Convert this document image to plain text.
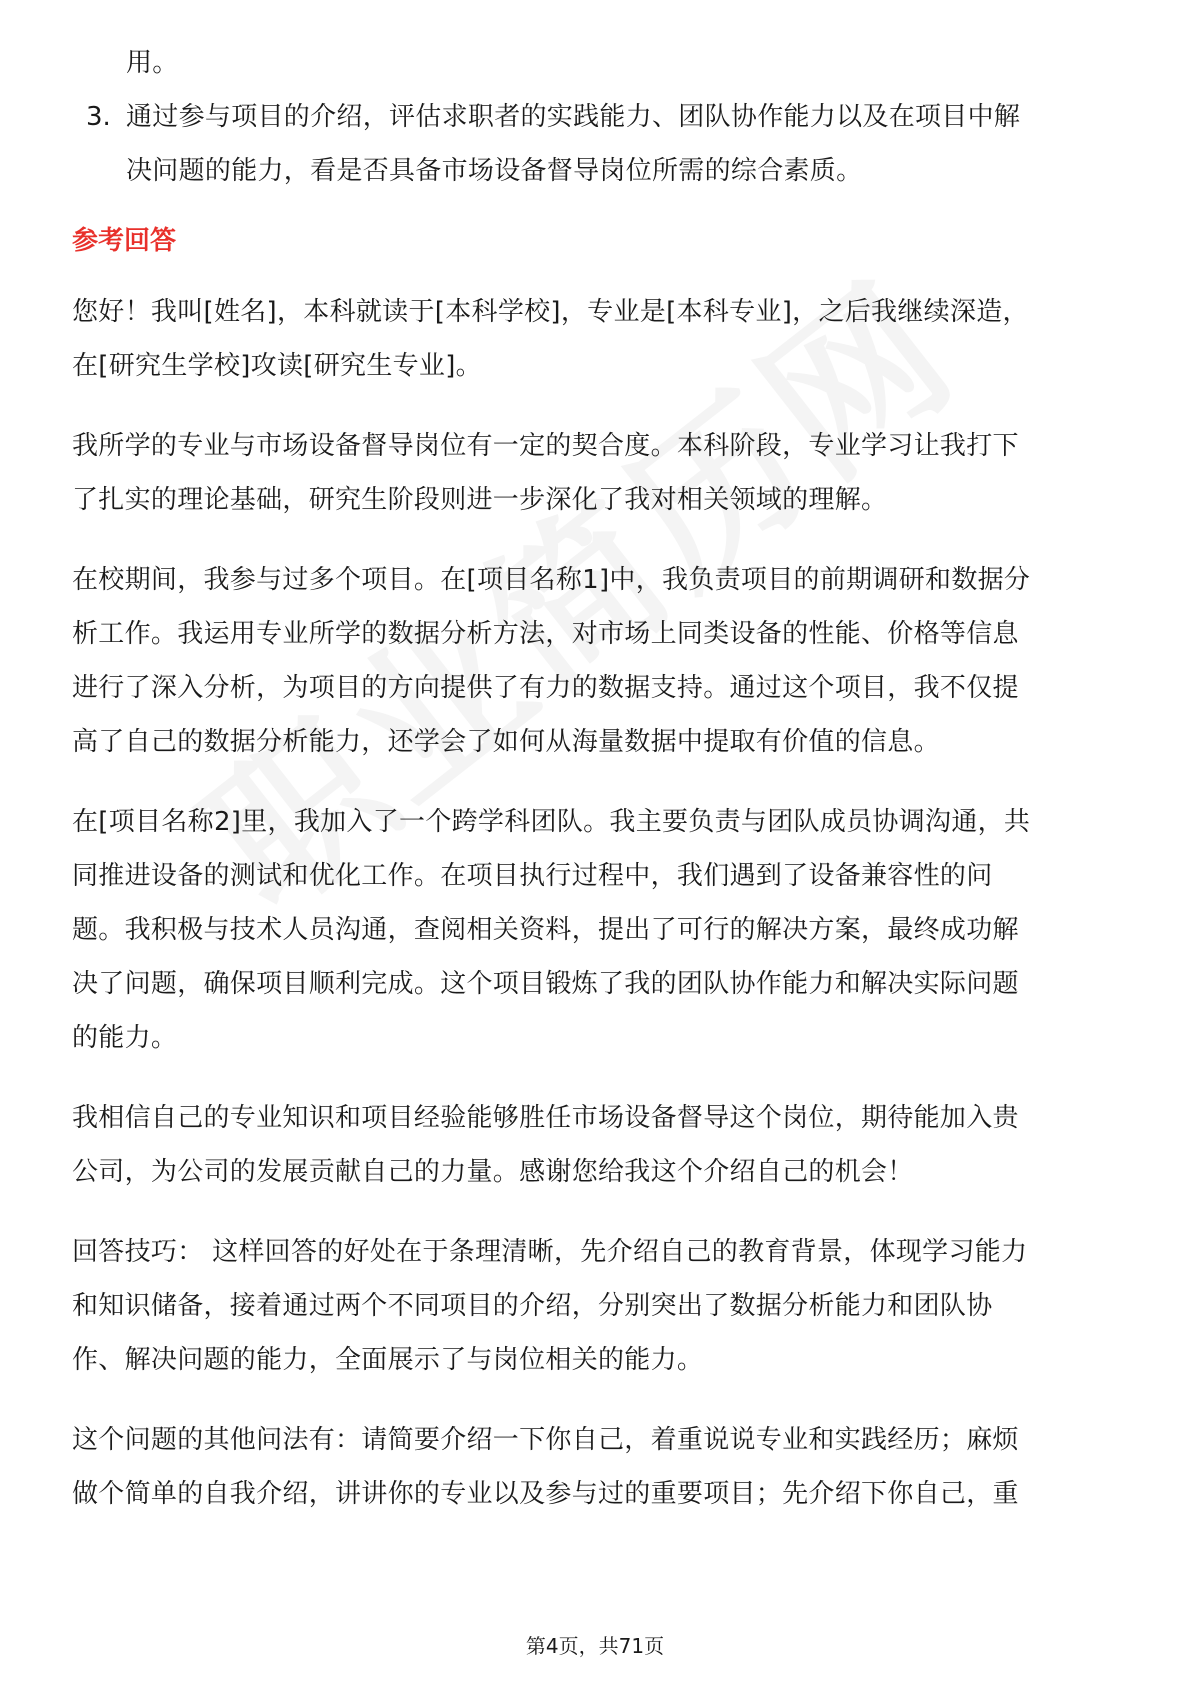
用。
3. 通过参与项目的介绍，评估求职者的实践能力、团队协作能力以及在项目中解
决问题的能力，看是否具备市场设备督导岗位所需的综合素质。
参考回答
您好！我叫[姓名]，本科就读于[本科学校]，专业是[本科专业]，之后我继续深造，
在[研究生学校]攻读[研究生专业]。
我所学的专业与市场设备督导岗位有一定的契合度。本科阶段，专业学习让我打下
了扎实的理论基础，研究生阶段则进一步深化了我对相关领域的理解。
在校期间，我参与过多个项目。在[项目名称1]中，我负责项目的前期调研和数据分
析工作。我运用专业所学的数据分析方法，对市场上同类设备的性能、价格等信息
进行了深入分析，为项目的方向提供了有力的数据支持。通过这个项目，我不仅提
高了自己的数据分析能力，还学会了如何从海量数据中提取有价值的信息。
在[项目名称2]里，我加入了一个跨学科团队。我主要负责与团队成员协调沟通，共
同推进设备的测试和优化工作。在项目执行过程中，我们遇到了设备兼容性的问
题。我积极与技术人员沟通，查阅相关资料，提出了可行的解决方案，最终成功解
决了问题，确保项目顺利完成。这个项目锻炼了我的团队协作能力和解决实际问题
的能力。
我相信自己的专业知识和项目经验能够胜任市场设备督导这个岗位，期待能加入贵
公司，为公司的发展贡献自己的力量。感谢您给我这个介绍自己的机会！
回答技巧： 这样回答的好处在于条理清晰，先介绍自己的教育背景，体现学习能力
和知识储备，接着通过两个不同项目的介绍，分别突出了数据分析能力和团队协
作、解决问题的能力，全面展示了与岗位相关的能力。
这个问题的其他问法有：请简要介绍一下你自己，着重说说专业和实践经历；麻烦
做个简单的自我介绍，讲讲你的专业以及参与过的重要项目；先介绍下你自己，重
第4页，共71页
